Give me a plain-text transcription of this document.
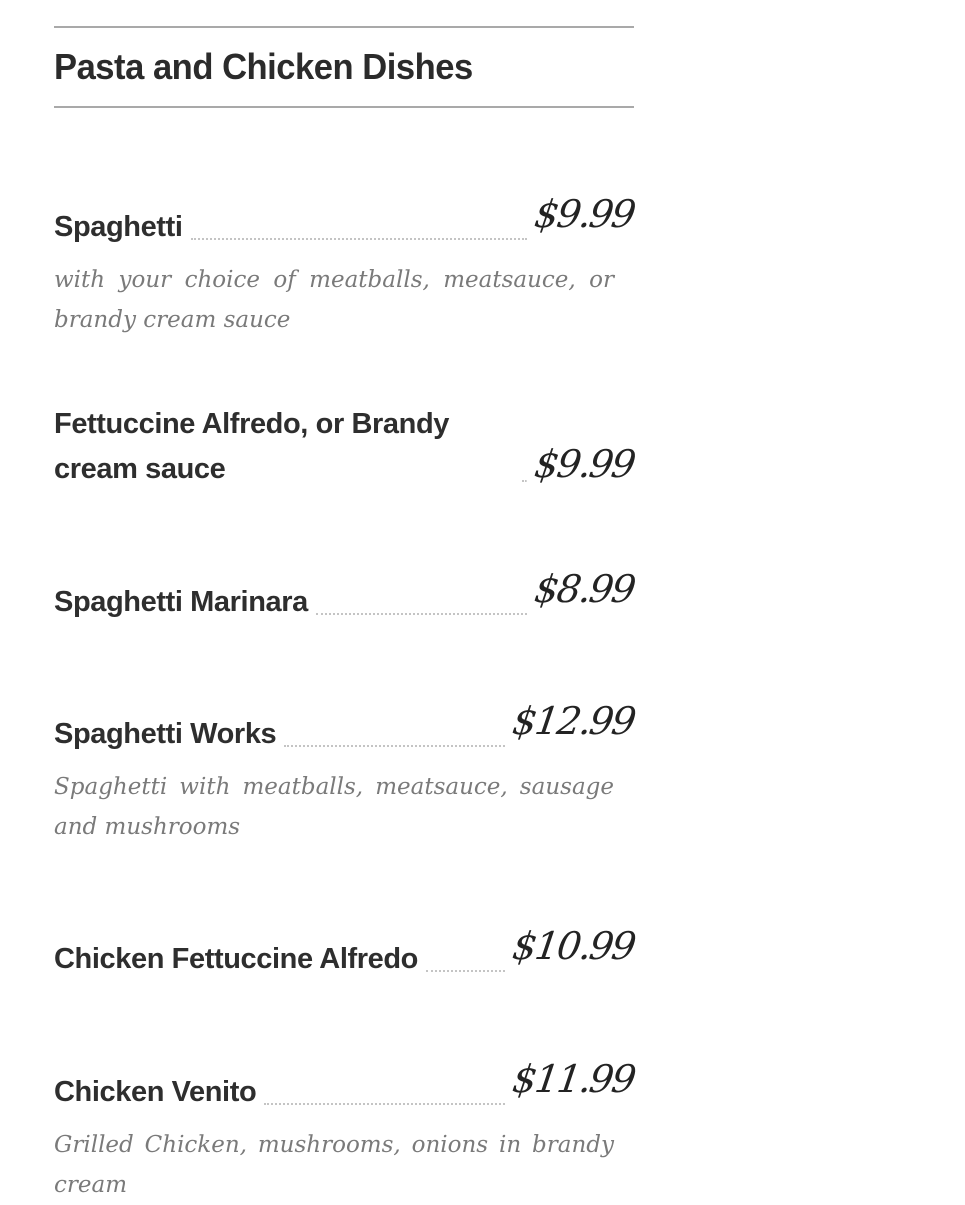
Pasta and Chicken Dishes
Spaghetti	$9.99
with your choice of meatballs, meatsauce, or brandy cream sauce
Fettuccine Alfredo, or Brandy cream sauce	$9.99
Spaghetti Marinara	$8.99
Spaghetti Works	$12.99
Spaghetti with meatballs, meatsauce, sausage and mushrooms
Chicken Fettuccine Alfredo $10.99
Chicken Venito	$11.99
Grilled Chicken, mushrooms, onions in brandy cream
